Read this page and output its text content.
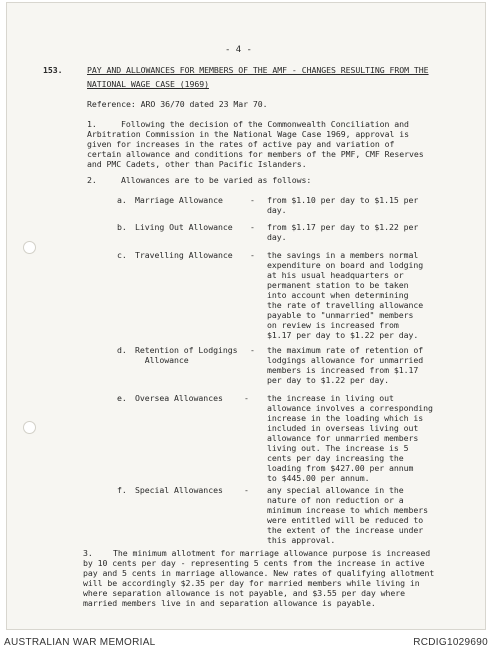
- 4 -
153.	PAY AND ALLOWANCES FOR MEMBERS OF THE AMF - CHANGES RESULTING FROM THE
NATIONAL WAGE CASE (1969)
Reference: ARO 36/70 dated 23 Mar 70.
1.	Following the decision of the Commonwealth Conciliation and
Arbitration Commission in the National Wage Case 1969, approval is
given for increases in the rates of active pay and variation of
certain allowance and conditions for members of the PMF, CMF Reserves
and PMC Cadets, other than Pacific Islanders.
2.	Allowances are to be varied as follows:
a. Marriage Allowance	- from $1.10 per day to $1.15 per
day.
b. Living Out Allowance - from $1.17 per day to $1.22 per
day.
c. Travelling Allowance - the savings in a members normal
expenditure on board and lodging
at his usual headquarters or
permanent station to be taken
into account when determining
the rate of travelling allowance
payable to "unmarried" members
on review is increased from
$1.17 per day to $1.22 per day.
d. Retention of Lodgings
Allowance
- the maximum rate of retention of
lodgings allowance for unmarried
members is increased from $1.17
per day to $1.22 per day.
e. Oversea Allowances	- the increase in living out
allowance involves a corresponding
increase in the loading which is
included in overseas living out
allowance for unmarried members
living out. The increase is 5
cents per day increasing the
loading from $427.00 per annum
to $445.00 per annum.
f. Special Allowances	- any special allowance in the
nature of non reduction or a
minimum increase to which members
were entitled will be reduced to
the extent of the increase under
this approval.
3. The minimum allotment for marriage allowance purpose is increased
by 10 cents per day - representing 5 cents from the increase in active
pay and 5 cents in marriage allowance. New rates of qualifying allotment
will be accordingly $2.35 per day for married members while living in
where separation allowance is not payable, and $3.55 per day where
married members live in and separation allowance is payable.
AUSTRALIAN WAR MEMORIAL	RCDIG1029690
